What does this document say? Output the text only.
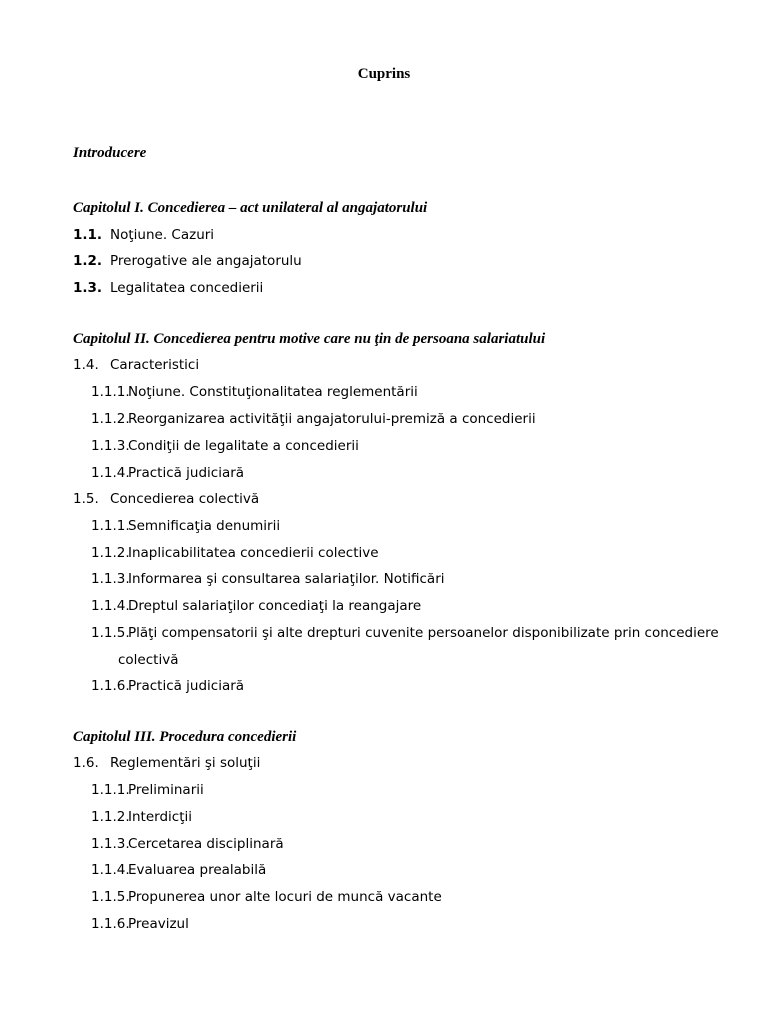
Cuprins
Introducere
Capitolul I. Concedierea – act unilateral al angajatorului
1.1. Noţiune. Cazuri
1.2. Prerogative ale angajatorulu
1.3. Legalitatea concedierii
Capitolul II. Concedierea pentru motive care nu ţin de persoana salariatului
1.4. Caracteristici
1.1.1.Noţiune. Constituţionalitatea reglementării
1.1.2.Reorganizarea activităţii angajatorului-premiză a concedierii
1.1.3.Condiţii de legalitate a concedierii
1.1.4.Practică judiciară
1.5. Concedierea colectivă
1.1.1.Semnificaţia denumirii
1.1.2.Inaplicabilitatea concedierii colective
1.1.3.Informarea şi consultarea salariaţilor. Notificări
1.1.4.Dreptul salariaţilor concediaţi la reangajare
1.1.5.Plăţi compensatorii şi alte drepturi cuvenite persoanelor disponibilizate prin concediere
colectivă
1.1.6.Practică judiciară
Capitolul III. Procedura concedierii
1.6. Reglementări şi soluţii
1.1.1.Preliminarii
1.1.2.Interdicţii
1.1.3.Cercetarea disciplinară
1.1.4.Evaluarea prealabilă
1.1.5.Propunerea unor alte locuri de muncă vacante
1.1.6.Preavizul
